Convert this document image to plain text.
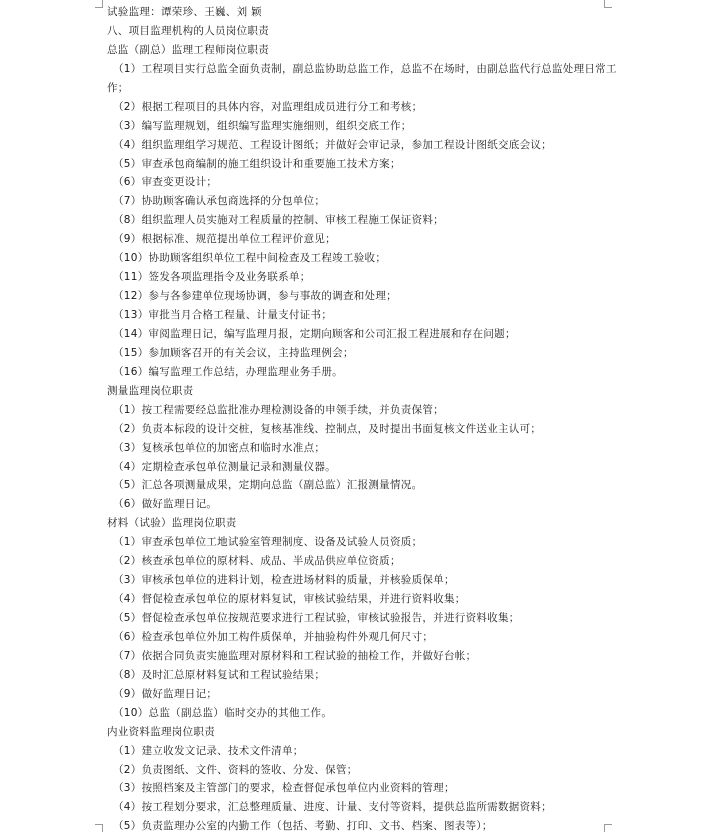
试验监理：谭荣珍、王巍、刘 颖
八、项目监理机构的人员岗位职责
总监（副总）监理工程师岗位职责
（1）工程项目实行总监全面负责制，副总监协助总监工作，总监不在场时，由副总监代行总监处理日常工
作；
（2）根据工程项目的具体内容，对监理组成员进行分工和考核；
（3）编写监理规划，组织编写监理实施细则，组织交底工作；
（4）组织监理组学习规范、工程设计图纸；并做好会审记录，参加工程设计图纸交底会议；
（5）审查承包商编制的施工组织设计和重要施工技术方案；
（6）审查变更设计；
（7）协助顾客确认承包商选择的分包单位；
（8）组织监理人员实施对工程质量的控制、审核工程施工保证资料；
（9）根据标准、规范提出单位工程评价意见；
（10）协助顾客组织单位工程中间检查及工程竣工验收；
（11）签发各项监理指令及业务联系单；
（12）参与各参建单位现场协调，参与事故的调查和处理；
（13）审批当月合格工程量、计量支付证书；
（14）审阅监理日记，编写监理月报，定期向顾客和公司汇报工程进展和存在问题；
（15）参加顾客召开的有关会议，主持监理例会；
（16）编写监理工作总结，办理监理业务手册。
测量监理岗位职责
（1）按工程需要经总监批准办理检测设备的申领手续，并负责保管；
（2）负责本标段的设计交桩，复核基准线、控制点，及时提出书面复核文件送业主认可；
（3）复核承包单位的加密点和临时水准点；
（4）定期检查承包单位测量记录和测量仪器。
（5）汇总各项测量成果，定期向总监（副总监）汇报测量情况。
（6）做好监理日记。
材料（试验）监理岗位职责
（1）审查承包单位工地试验室管理制度、设备及试验人员资质；
（2）核查承包单位的原材料、成品、半成品供应单位资质；
（3）审核承包单位的进料计划，检查进场材料的质量，并核验质保单；
（4）督促检查承包单位的原材料复试，审核试验结果，并进行资料收集；
（5）督促检查承包单位按规范要求进行工程试验，审核试验报告，并进行资料收集；
（6）检查承包单位外加工构件质保单，并抽验构件外观几何尺寸；
（7）依据合同负责实施监理对原材料和工程试验的抽检工作，并做好台帐；
（8）及时汇总原材料复试和工程试验结果；
（9）做好监理日记；
（10）总监（副总监）临时交办的其他工作。
内业资料监理岗位职责
（1）建立收发文记录、技术文件清单；
（2）负责图纸、文件、资料的签收、分发、保管；
（3）按照档案及主管部门的要求，检查督促承包单位内业资料的管理；
（4）按工程划分要求，汇总整理质量、进度、计量、支付等资料，提供总监所需数据资料；
（5）负责监理办公室的内勤工作（包括、考勤、打印、文书、档案、图表等）；
